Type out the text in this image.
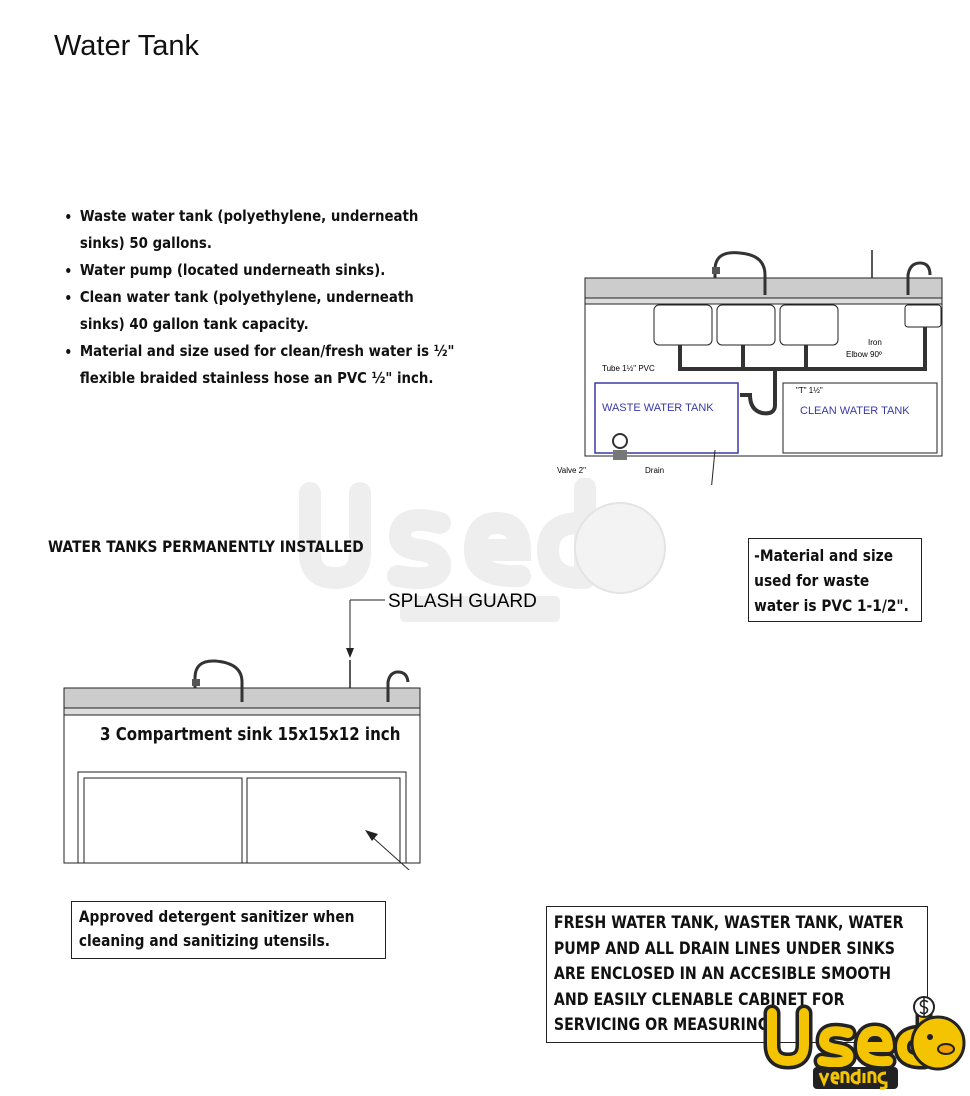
Water Tank
• Waste water tank (polyethylene, underneath sinks) 50 gallons.
• Water pump (located underneath sinks).
• Clean water tank (polyethylene, underneath sinks) 40 gallon tank capacity.
• Material and size used for clean/fresh water is ½" flexible braided stainless hose an PVC ½" inch.
Tube 1½" PVC
Iron
Elbow 90º
"T" 1½"
WASTE WATER TANK	CLEAN WATER TANK
Valve 2"	Drain
-Material and size
used for waste
water is PVC 1-1/2".
WATER TANKS PERMANENTLY INSTALLED
SPLASH GUARD
3 Compartment sink 15x15x12 inch
Approved detergent sanitizer when
cleaning and sanitizing utensils.
FRESH WATER TANK, WASTER TANK, WATER
PUMP AND ALL DRAIN LINES UNDER SINKS
ARE ENCLOSED IN AN ACCESIBLE SMOOTH
AND EASILY CLENABLE CABINET FOR
SERVICING OR MEASURING
